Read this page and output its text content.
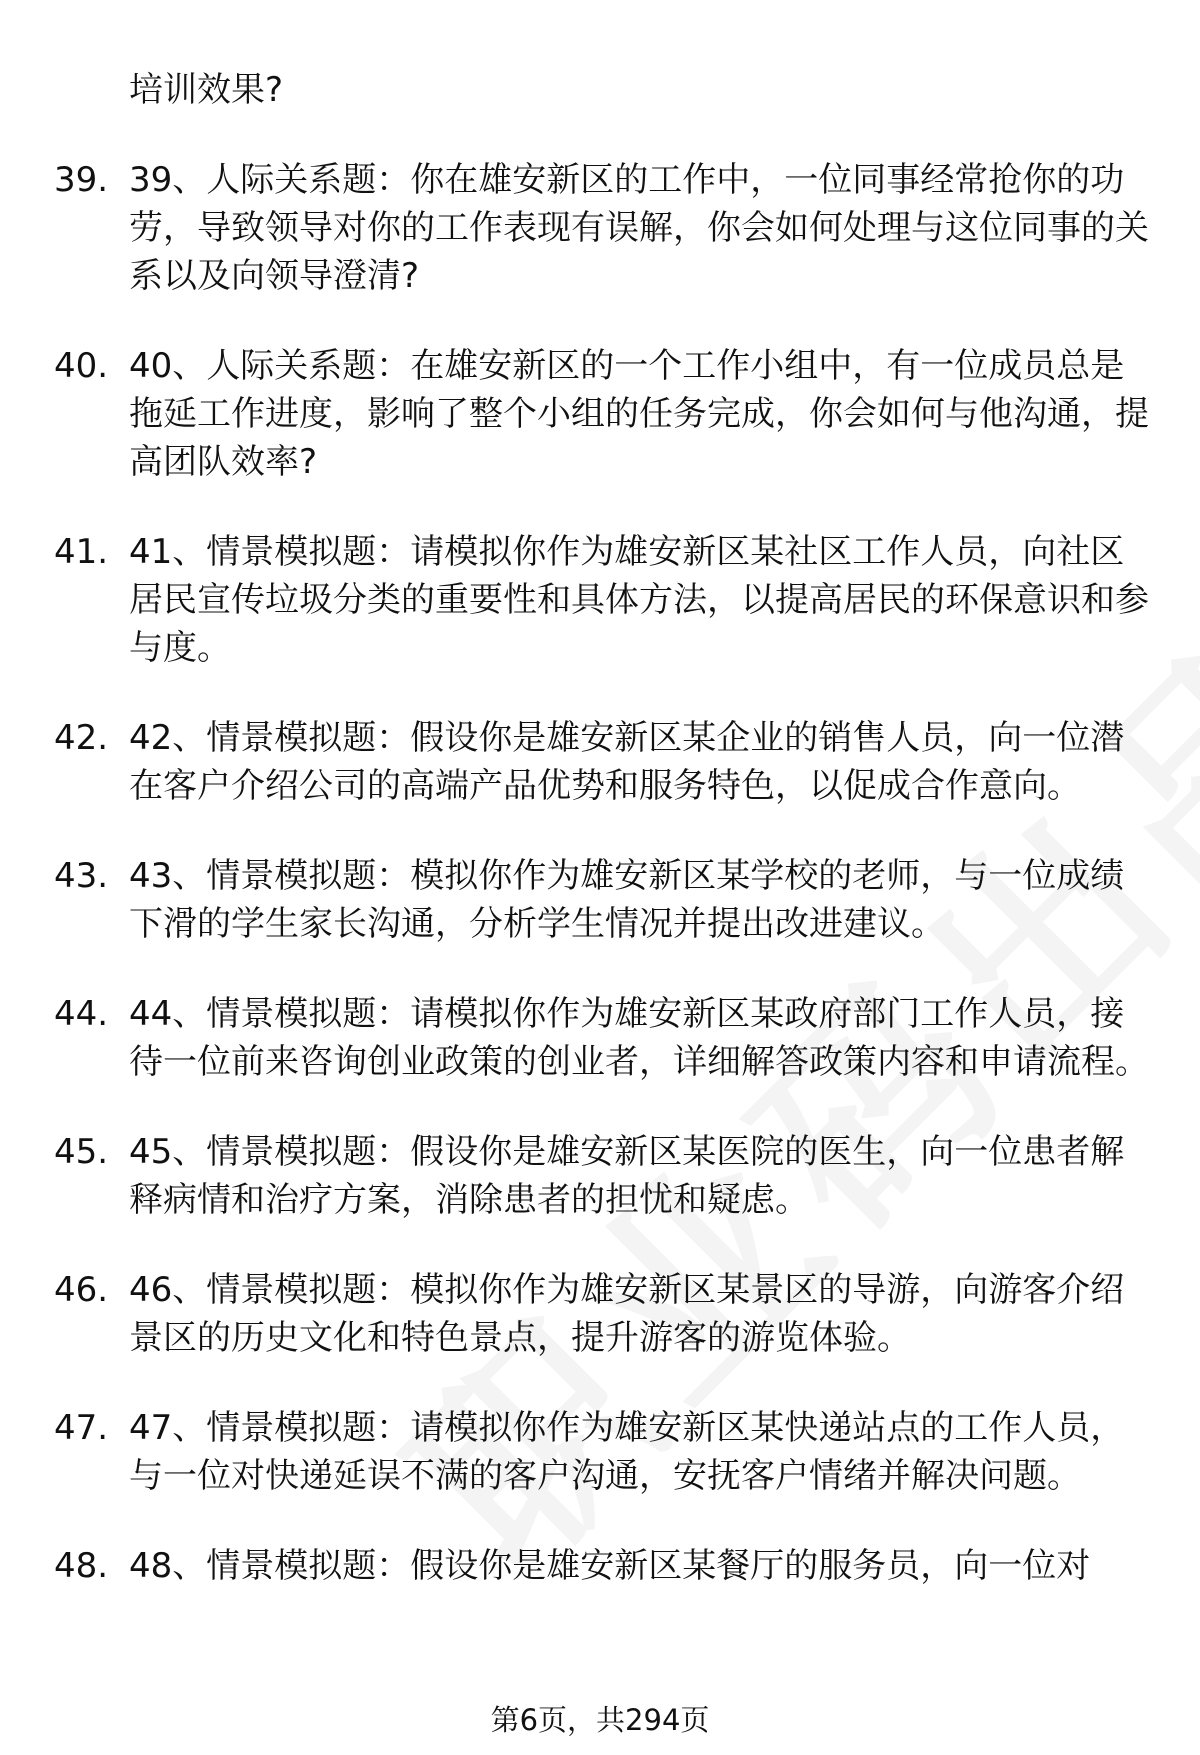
培训效果?
39. 39、人际关系题：你在雄安新区的工作中，一位同事经常抢你的功劳，导致领导对你的工作表现有误解，你会如何处理与这位同事的关系以及向领导澄清?
40. 40、人际关系题：在雄安新区的一个工作小组中，有一位成员总是拖延工作进度，影响了整个小组的任务完成，你会如何与他沟通，提高团队效率?
41. 41、情景模拟题：请模拟你作为雄安新区某社区工作人员，向社区居民宣传垃圾分类的重要性和具体方法，以提高居民的环保意识和参与度。
42. 42、情景模拟题：假设你是雄安新区某企业的销售人员，向一位潜在客户介绍公司的高端产品优势和服务特色，以促成合作意向。
43. 43、情景模拟题：模拟你作为雄安新区某学校的老师，与一位成绩下滑的学生家长沟通，分析学生情况并提出改进建议。
44. 44、情景模拟题：请模拟你作为雄安新区某政府部门工作人员，接待一位前来咨询创业政策的创业者，详细解答政策内容和申请流程。
45. 45、情景模拟题：假设你是雄安新区某医院的医生，向一位患者解释病情和治疗方案，消除患者的担忧和疑虑。
46. 46、情景模拟题：模拟你作为雄安新区某景区的导游，向游客介绍景区的历史文化和特色景点，提升游客的游览体验。
47. 47、情景模拟题：请模拟你作为雄安新区某快递站点的工作人员，与一位对快递延误不满的客户沟通，安抚客户情绪并解决问题。
48. 48、情景模拟题：假设你是雄安新区某餐厅的服务员，向一位对
第6页，共294页
